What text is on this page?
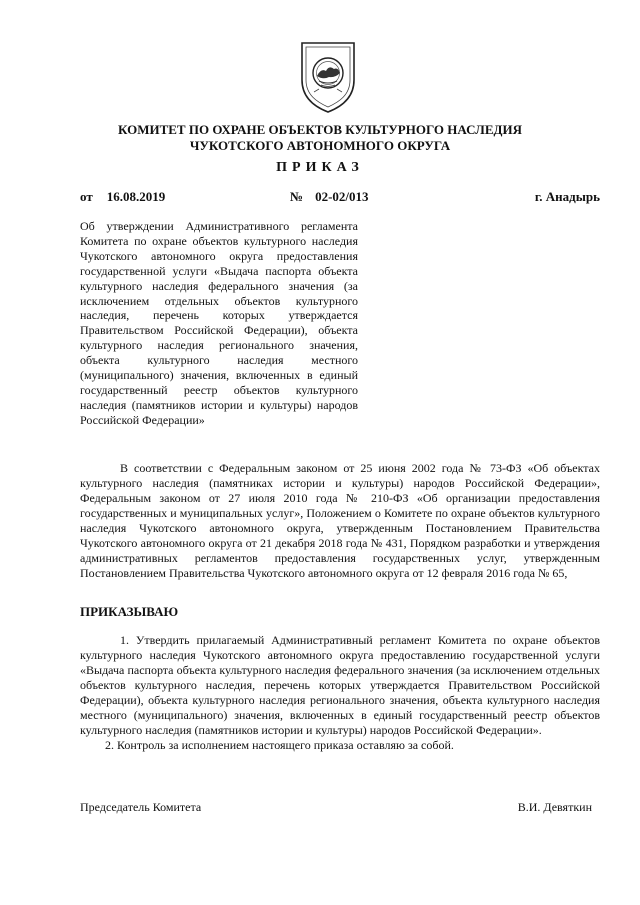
КОМИТЕТ ПО ОХРАНЕ ОБЪЕКТОВ КУЛЬТУРНОГО НАСЛЕДИЯ
ЧУКОТСКОГО АВТОНОМНОГО ОКРУГА
ПРИКАЗ
от 16.08.2019	№ 02-02/013	г. Анадырь
Об утверждении Административного регламента Комитета по охране объектов культурного наследия Чукотского автономного округа предоставления государственной услуги «Выдача паспорта объекта культурного наследия федерального значения (за исключением отдельных объектов культурного наследия, перечень которых утверждается Правительством Российской Федерации), объекта культурного наследия регионального значения, объекта культурного наследия местного (муниципального) значения, включенных в единый государственный реестр объектов культурного наследия (памятников истории и культуры) народов Российской Федерации»

В соответствии с Федеральным законом от 25 июня 2002 года № 73-ФЗ «Об объектах культурного наследия (памятниках истории и культуры) народов Российской Федерации», Федеральным законом от 27 июля 2010 года № 210-ФЗ «Об организации предоставления государственных и муниципальных услуг», Положением о Комитете по охране объектов культурного наследия Чукотского автономного округа, утвержденным Постановлением Правительства Чукотского автономного округа от 21 декабря 2018 года № 431, Порядком разработки и утверждения административных регламентов предоставления государственных услуг, утвержденным Постановлением Правительства Чукотского автономного округа от 12 февраля 2016 года № 65,

ПРИКАЗЫВАЮ

1. Утвердить прилагаемый Административный регламент Комитета по охране объектов культурного наследия Чукотского автономного округа предоставлению государственной услуги «Выдача паспорта объекта культурного наследия федерального значения (за исключением отдельных объектов культурного наследия, перечень которых утверждается Правительством Российской Федерации), объекта культурного наследия регионального значения, объекта культурного наследия местного (муниципального) значения, включенных в единый государственный реестр объектов культурного наследия (памятников истории и культуры) народов Российской Федерации».

2. Контроль за исполнением настоящего приказа оставляю за собой.

Председатель Комитета	В.И. Девяткин
